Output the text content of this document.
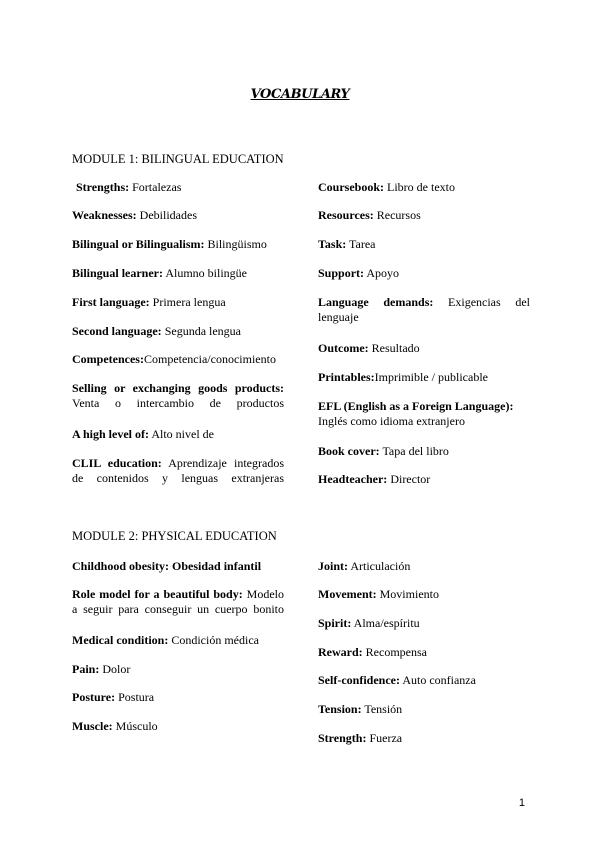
VOCABULARY
MODULE 1: BILINGUAL EDUCATION

Strengths: Fortalezas

Weaknesses: Debilidades

Bilingual or Bilingualism: Bilingüismo

Bilingual learner: Alumno bilingüe

First language: Primera lengua

Second language: Segunda lengua

Competences:Competencia/conocimiento

Selling or exchanging goods products: Venta o intercambio de productos

A high level of: Alto nivel de

CLIL education: Aprendizaje integrados de contenidos y lenguas extranjeras

Coursebook: Libro de texto

Resources: Recursos

Task: Tarea

Support: Apoyo

Language demands: Exigencias del lenguaje

Outcome: Resultado

Printables:Imprimible / publicable

EFL (English as a Foreign Language): Inglés como idioma extranjero

Book cover: Tapa del libro

Headteacher: Director

MODULE 2: PHYSICAL EDUCATION

Childhood obesity: Obesidad infantil

Role model for a beautiful body: Modelo a seguir para conseguir un cuerpo bonito

Medical condition: Condición médica

Pain: Dolor

Posture: Postura

Muscle: Músculo

Joint: Articulación

Movement: Movimiento

Spirit: Alma/espíritu

Reward: Recompensa

Self-confidence: Auto confianza

Tension: Tensión

Strength: Fuerza

1
